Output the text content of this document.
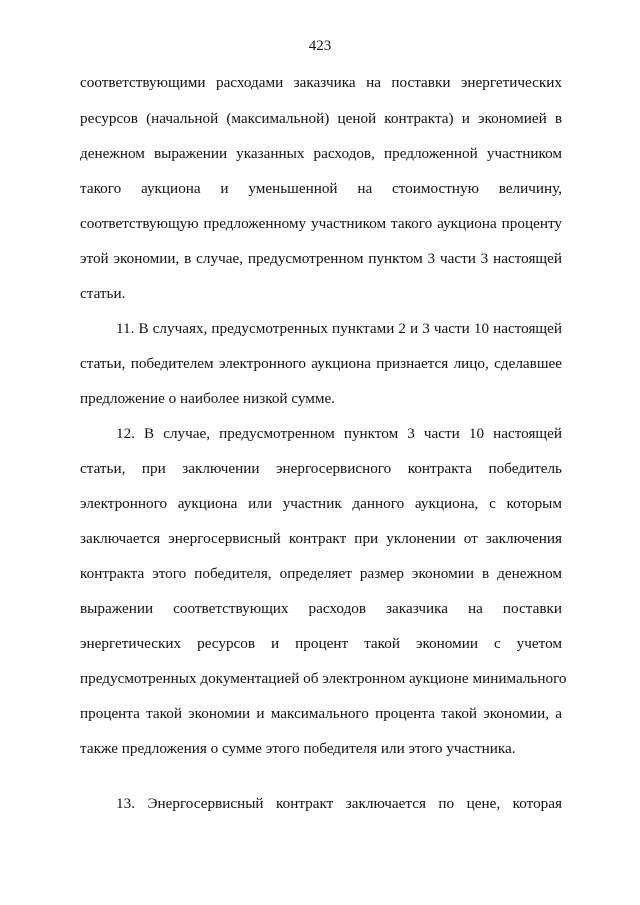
423
соответствующими расходами заказчика на поставки энергетических
ресурсов (начальной (максимальной) ценой контракта) и экономией в
денежном выражении указанных расходов, предложенной участником
такого аукциона и уменьшенной на стоимостную величину,
соответствующую предложенному участником такого аукциона проценту
этой экономии, в случае, предусмотренном пунктом 3 части 3 настоящей
статьи.
11. В случаях, предусмотренных пунктами 2 и 3 части 10 настоящей
статьи, победителем электронного аукциона признается лицо, сделавшее
предложение о наиболее низкой сумме.
12. В случае, предусмотренном пунктом 3 части 10 настоящей
статьи, при заключении энергосервисного контракта победитель
электронного аукциона или участник данного аукциона, с которым
заключается энергосервисный контракт при уклонении от заключения
контракта этого победителя, определяет размер экономии в денежном
выражении соответствующих расходов заказчика на поставки
энергетических ресурсов и процент такой экономии с учетом
предусмотренных документацией об электронном аукционе минимального
процента такой экономии и максимального процента такой экономии, а
также предложения о сумме этого победителя или этого участника.
13. Энергосервисный контракт заключается по цене, которая
